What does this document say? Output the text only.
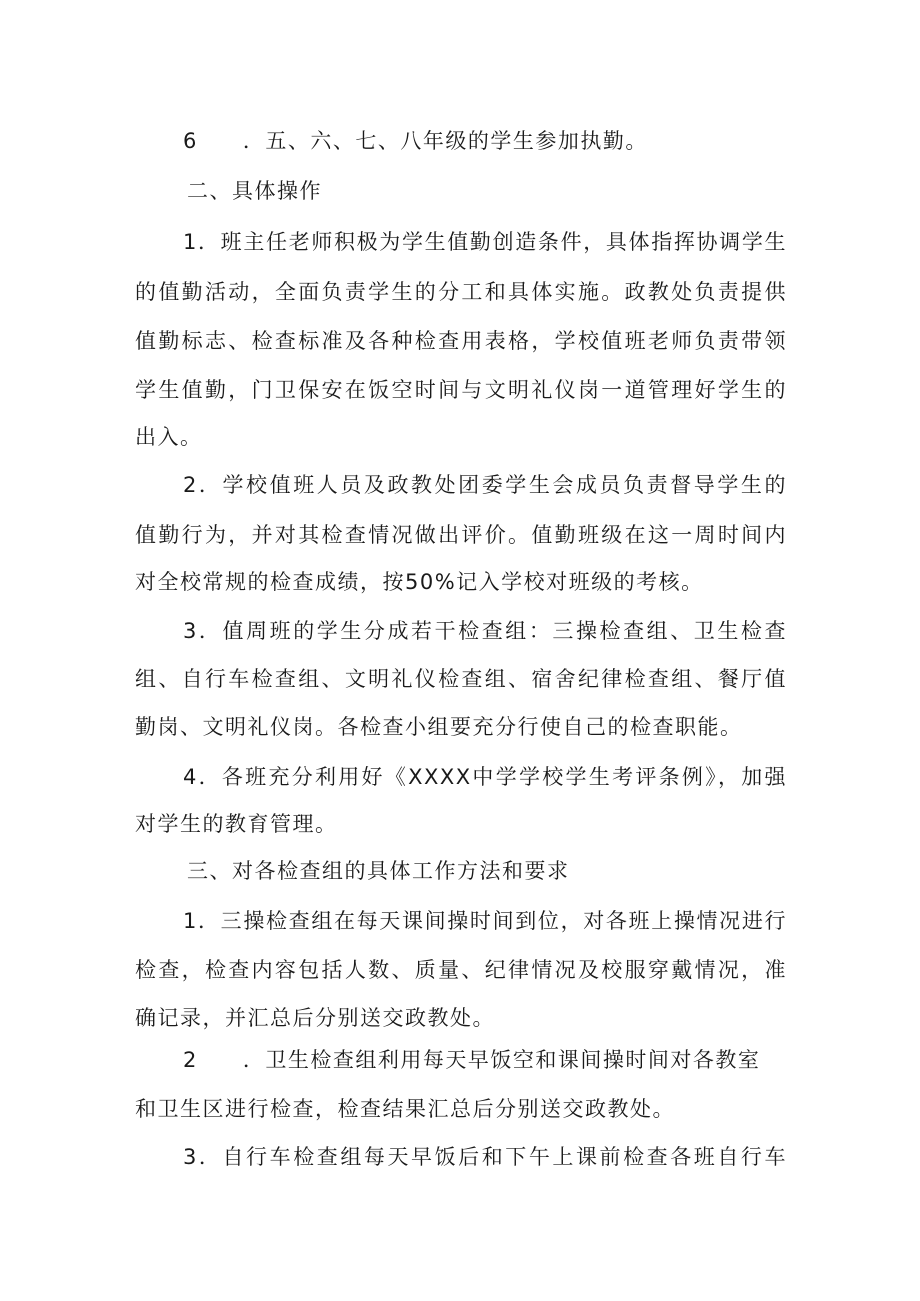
6　　．五、六、七、八年级的学生参加执勤。
二、具体操作
1．班主任老师积极为学生值勤创造条件，具体指挥协调学生
的值勤活动，全面负责学生的分工和具体实施。政教处负责提供
值勤标志、检查标准及各种检查用表格，学校值班老师负责带领
学生值勤，门卫保安在饭空时间与文明礼仪岗一道管理好学生的
出入。
2．学校值班人员及政教处团委学生会成员负责督导学生的
值勤行为，并对其检查情况做出评价。值勤班级在这一周时间内
对全校常规的检查成绩，按50%记入学校对班级的考核。
3．值周班的学生分成若干检查组：三操检查组、卫生检查
组、自行车检查组、文明礼仪检查组、宿舍纪律检查组、餐厅值
勤岗、文明礼仪岗。各检查小组要充分行使自己的检查职能。
4．各班充分利用好《XXXX中学学校学生考评条例》，加强
对学生的教育管理。
三、对各检查组的具体工作方法和要求
1．三操检查组在每天课间操时间到位，对各班上操情况进行
检查，检查内容包括人数、质量、纪律情况及校服穿戴情况，准
确记录，并汇总后分别送交政教处。
2　　．卫生检查组利用每天早饭空和课间操时间对各教室
和卫生区进行检查，检查结果汇总后分别送交政教处。
3．自行车检查组每天早饭后和下午上课前检查各班自行车
